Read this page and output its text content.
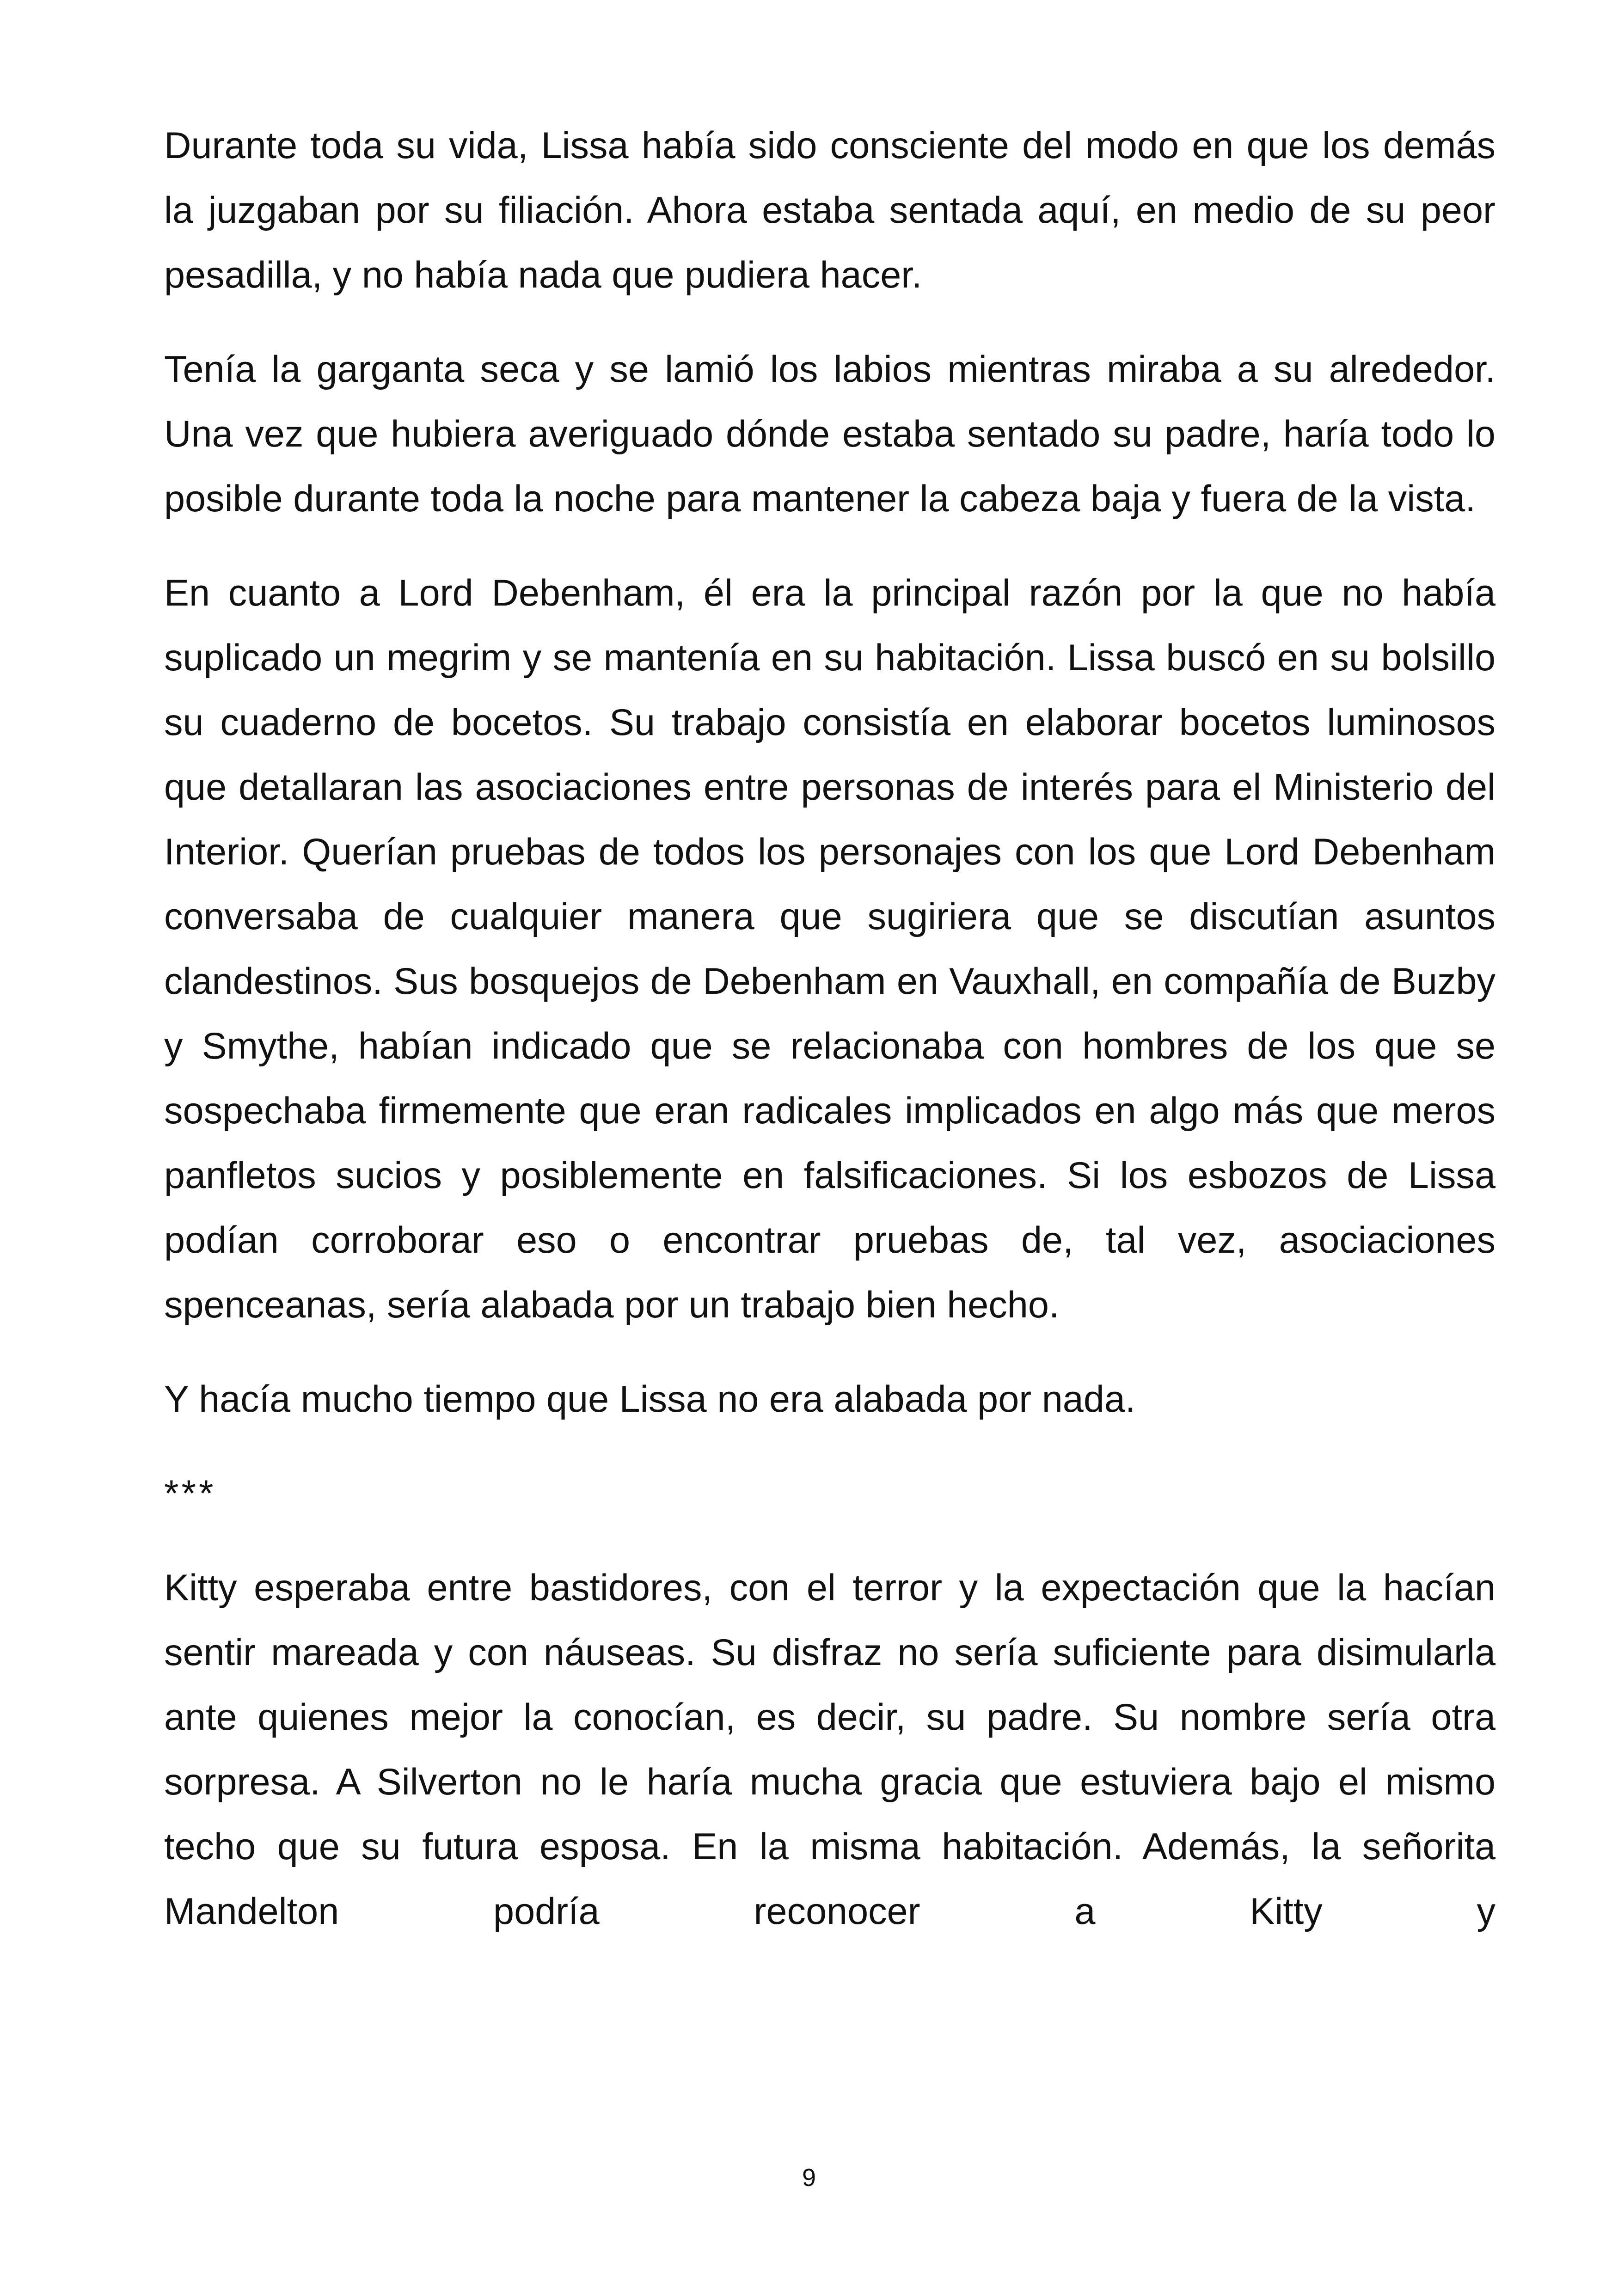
Durante toda su vida, Lissa había sido consciente del modo en que los demás la juzgaban por su filiación. Ahora estaba sentada aquí, en medio de su peor pesadilla, y no había nada que pudiera hacer.

Tenía la garganta seca y se lamió los labios mientras miraba a su alrededor. Una vez que hubiera averiguado dónde estaba sentado su padre, haría todo lo posible durante toda la noche para mantener la cabeza baja y fuera de la vista.

En cuanto a Lord Debenham, él era la principal razón por la que no había suplicado un megrim y se mantenía en su habitación. Lissa buscó en su bolsillo su cuaderno de bocetos. Su trabajo consistía en elaborar bocetos luminosos que detallaran las asociaciones entre personas de interés para el Ministerio del Interior. Querían pruebas de todos los personajes con los que Lord Debenham conversaba de cualquier manera que sugiriera que se discutían asuntos clandestinos. Sus bosquejos de Debenham en Vauxhall, en compañía de Buzby y Smythe, habían indicado que se relacionaba con hombres de los que se sospechaba firmemente que eran radicales implicados en algo más que meros panfletos sucios y posiblemente en falsificaciones. Si los esbozos de Lissa podían corroborar eso o encontrar pruebas de, tal vez, asociaciones spenceanas, sería alabada por un trabajo bien hecho.

Y hacía mucho tiempo que Lissa no era alabada por nada.

***

Kitty esperaba entre bastidores, con el terror y la expectación que la hacían sentir mareada y con náuseas. Su disfraz no sería suficiente para disimularla ante quienes mejor la conocían, es decir, su padre. Su nombre sería otra sorpresa. A Silverton no le haría mucha gracia que estuviera bajo el mismo techo que su futura esposa. En la misma habitación. Además, la señorita Mandelton podría reconocer a Kitty y

9
